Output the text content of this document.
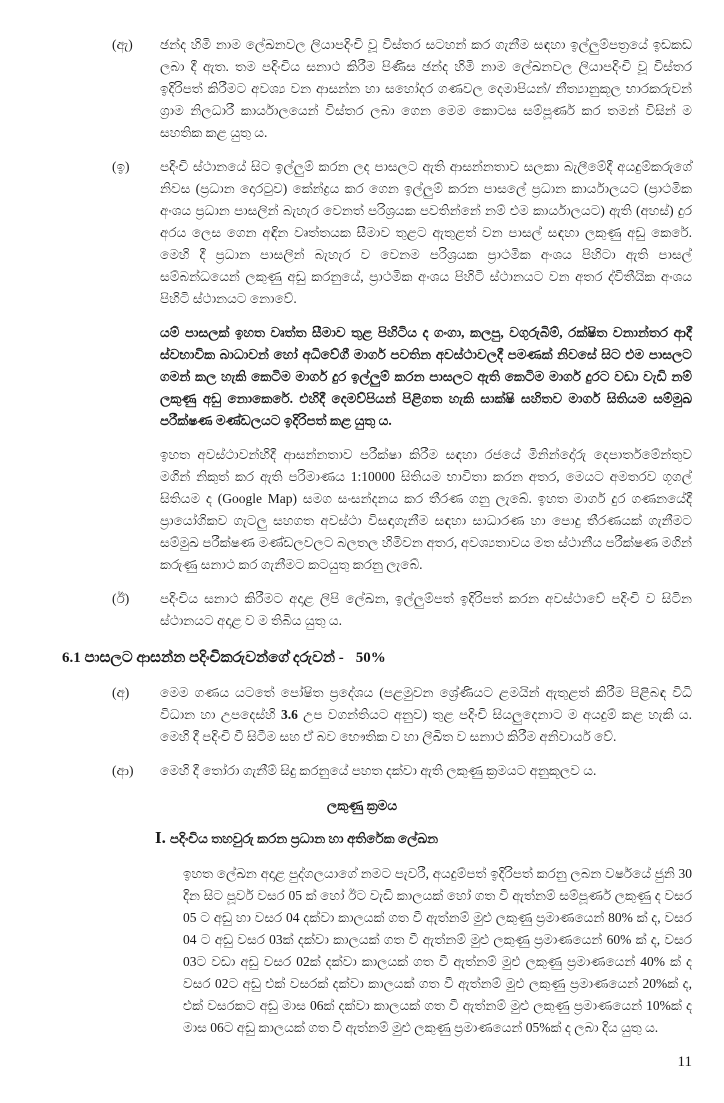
(ඇ)	ඡන්ද හිමි නාම ලේඛනවල ලියාපදිංචි වූ විස්තර සටහන් කර ගැනීම සඳහා ඉල්ලුම්පත්‍රයේ ඉඩකඩ ලබා දී ඇත. තම පදිංචිය සනාථ කිරීම පිණිස ඡන්ද හිමි නාම ලේඛනවල ලියාපදිංචි වූ විස්තර ඉදිරිපත් කිරීමට අවශ්‍ය වන ආසන්න හා සහෝදර ගණවල දෙමාපියන්/ නීත්‍යානුකූල භාරකරුවන් ග්‍රාම නිලධාරී කාර්යාලයෙන් විස්තර ලබා ගෙන මෙම කොටස සම්පූර්ණ කර තමන් විසින් ම සහතික කළ යුතු ය.
(ඉ)	පදිංචි ස්ථානයේ සිට ඉල්ලුම් කරන ලද පාසලට ඇති ආසන්නතාව සලකා බැලීමේදී අයදුම්කරුගේ නිවස (ප්‍රධාන දොරටුව) කේන්ද්‍රය කර ගෙන ඉල්ලුම් කරන පාසලේ ප්‍රධාන කාර්යාලයට (ප්‍රාථමික අංශය ප්‍රධාන පාසලින් බැහැර වෙනත් පරිශ්‍රයක පවතින්නේ නම් එම කාර්යාලයට) ඇති (අහස්) දුර අරය ලෙස ගෙන අඳින වෘත්තයක සීමාව තුළට ඇතුළත් වන පාසල් සඳහා ලකුණු අඩු කෙරේ. මෙහි දී ප්‍රධාන පාසලින් බැහැර ව වෙනම පරිශ්‍රයක ප්‍රාථමික අංශය පිහිටා ඇති පාසල් සම්බන්ධයෙන් ලකුණු අඩු කරනුයේ, ප්‍රාථමික අංශය පිහිටි ස්ථානයට වන අතර ද්විතීයික අංශය පිහිටි ස්ථානයට නොවේ.
යම් පාසලක් ඉහත වෘත්ත සීමාව තුළ පිහිටිය ද ගංගා, කලපු, වගුරුබිම්, රක්ෂිත වනාන්තර ආදී ස්වභාවික බාධාවන් හෝ අධිවේගී මාර්ග පවතින අවස්ථාවලදී පමණක් නිවසේ සිට එම පාසලට ගමන් කල හැකි කෙටිම මාර්ග දුර ඉල්ලුම් කරන පාසලට ඇති කෙටිම මාර්ග දුරට වඩා වැඩි නම් ලකුණු අඩු නොකෙරේ. එහිදී දෙමව්පියන් පිළිගත හැකි සාක්ෂි සහිතව මාර්ග සිතියම සම්මුඛ පරීක්ෂණ මණ්ඩලයට ඉදිරිපත් කළ යුතු ය.
ඉහත අවස්ථාවන්හිදී ආසන්නතාව පරීක්ෂා කිරීම සඳහා රජයේ මිනින්දෝරු දෙපාර්තමේන්තුව මගින් නිකුත් කර ඇති පරිමාණය 1:10000 සිතියම භාවිතා කරන අතර, මෙයට අමතරව ගූගල් සිතියම ද (Google Map) සමග සංසන්දනය කර තීරණ ගනු ලැබේ. ඉහත මාර්ග දුර ගණනයේදී ප්‍රායෝගිකව ගැටලු සහගත අවස්ථා විසඳාගැනීම සඳහා සාධාරණ හා පොදු තීරණයක් ගැනීමට සම්මුඛ පරීක්ෂණ මණ්ඩලවලට බලතල හිමිවන අතර, අවශ්‍යතාවය මත ස්ථානීය පරීක්ෂණ මගින් කරුණු සනාථ කර ගැනීමට කටයුතු කරනු ලැබේ.
(ඊ)	පදිංචිය සනාථ කිරීමට අදාළ ලිපි ලේඛන, ඉල්ලුම්පත් ඉදිරිපත් කරන අවස්ථාවේ පදිංචි ව සිටින ස්ථානයට අදාළ ව ම තිබිය යුතු ය.
6.1 පාසලට ආසන්න පදිංචිකරුවන්ගේ දරුවන් - 50%
(අ)	මෙම ගණය යටතේ පෝෂිත ප්‍රදේශය (පළමුවන ශ්‍රේණියට ළමයින් ඇතුළත් කිරීම පිළිබඳ විධි විධාන හා උපදෙස්හි 3.6 උප වගන්තියට අනුව) තුළ පදිංචි සියලුදෙනාට ම අයදුම් කළ හැකි ය. මෙහි දී පදිංචි වී සිටීම සහ ඒ බව භෞතික ව හා ලිඛිත ව සනාථ කිරීම අනිවාර්ය වේ.
(ආ)	මෙහි දී තෝරා ගැනීම් සිදු කරනුයේ පහත දක්වා ඇති ලකුණු ක්‍රමයට අනුකූලව ය.
ලකුණු ක්‍රමය
I. පදිංචිය තහවුරු කරන ප්‍රධාන හා අතිරේක ලේඛන
ඉහත ලේඛන අදාළ පුද්ගලයාගේ නමට පැවරී, අයදුම්පත් ඉදිරිපත් කරනු ලබන වර්ෂයේ ජුනි 30 දින සිට පූර්ව වසර 05 ක් හෝ ඊට වැඩි කාලයක් හෝ ගත වී ඇත්නම් සම්පූර්ණ ලකුණු ද වසර 05 ට අඩු හා වසර 04 දක්වා කාලයක් ගත වී ඇත්නම් මුළු ලකුණු ප්‍රමාණයෙන් 80% ක් ද, වසර 04 ට අඩු වසර 03ක් දක්වා කාලයක් ගත වී ඇත්නම් මුළු ලකුණු ප්‍රමාණයෙන් 60% ක් ද, වසර 03ට වඩා අඩු වසර 02ක් දක්වා කාලයක් ගත වී ඇත්නම් මුළු ලකුණු ප්‍රමාණයෙන් 40% ක් ද වසර 02ට අඩු එක් වසරක් දක්වා කාලයක් ගත වී ඇත්නම් මුළු ලකුණු ප්‍රමාණයෙන් 20%ක් ද, එක් වසරකට අඩු මාස 06ක් දක්වා කාලයක් ගත වී ඇත්නම් මුළු ලකුණු ප්‍රමාණයෙන් 10%ක් ද මාස 06ට අඩු කාලයක් ගත වී ඇත්නම් මුළු ලකුණු ප්‍රමාණයෙන් 05%ක් ද ලබා දිය යුතු ය.
11
